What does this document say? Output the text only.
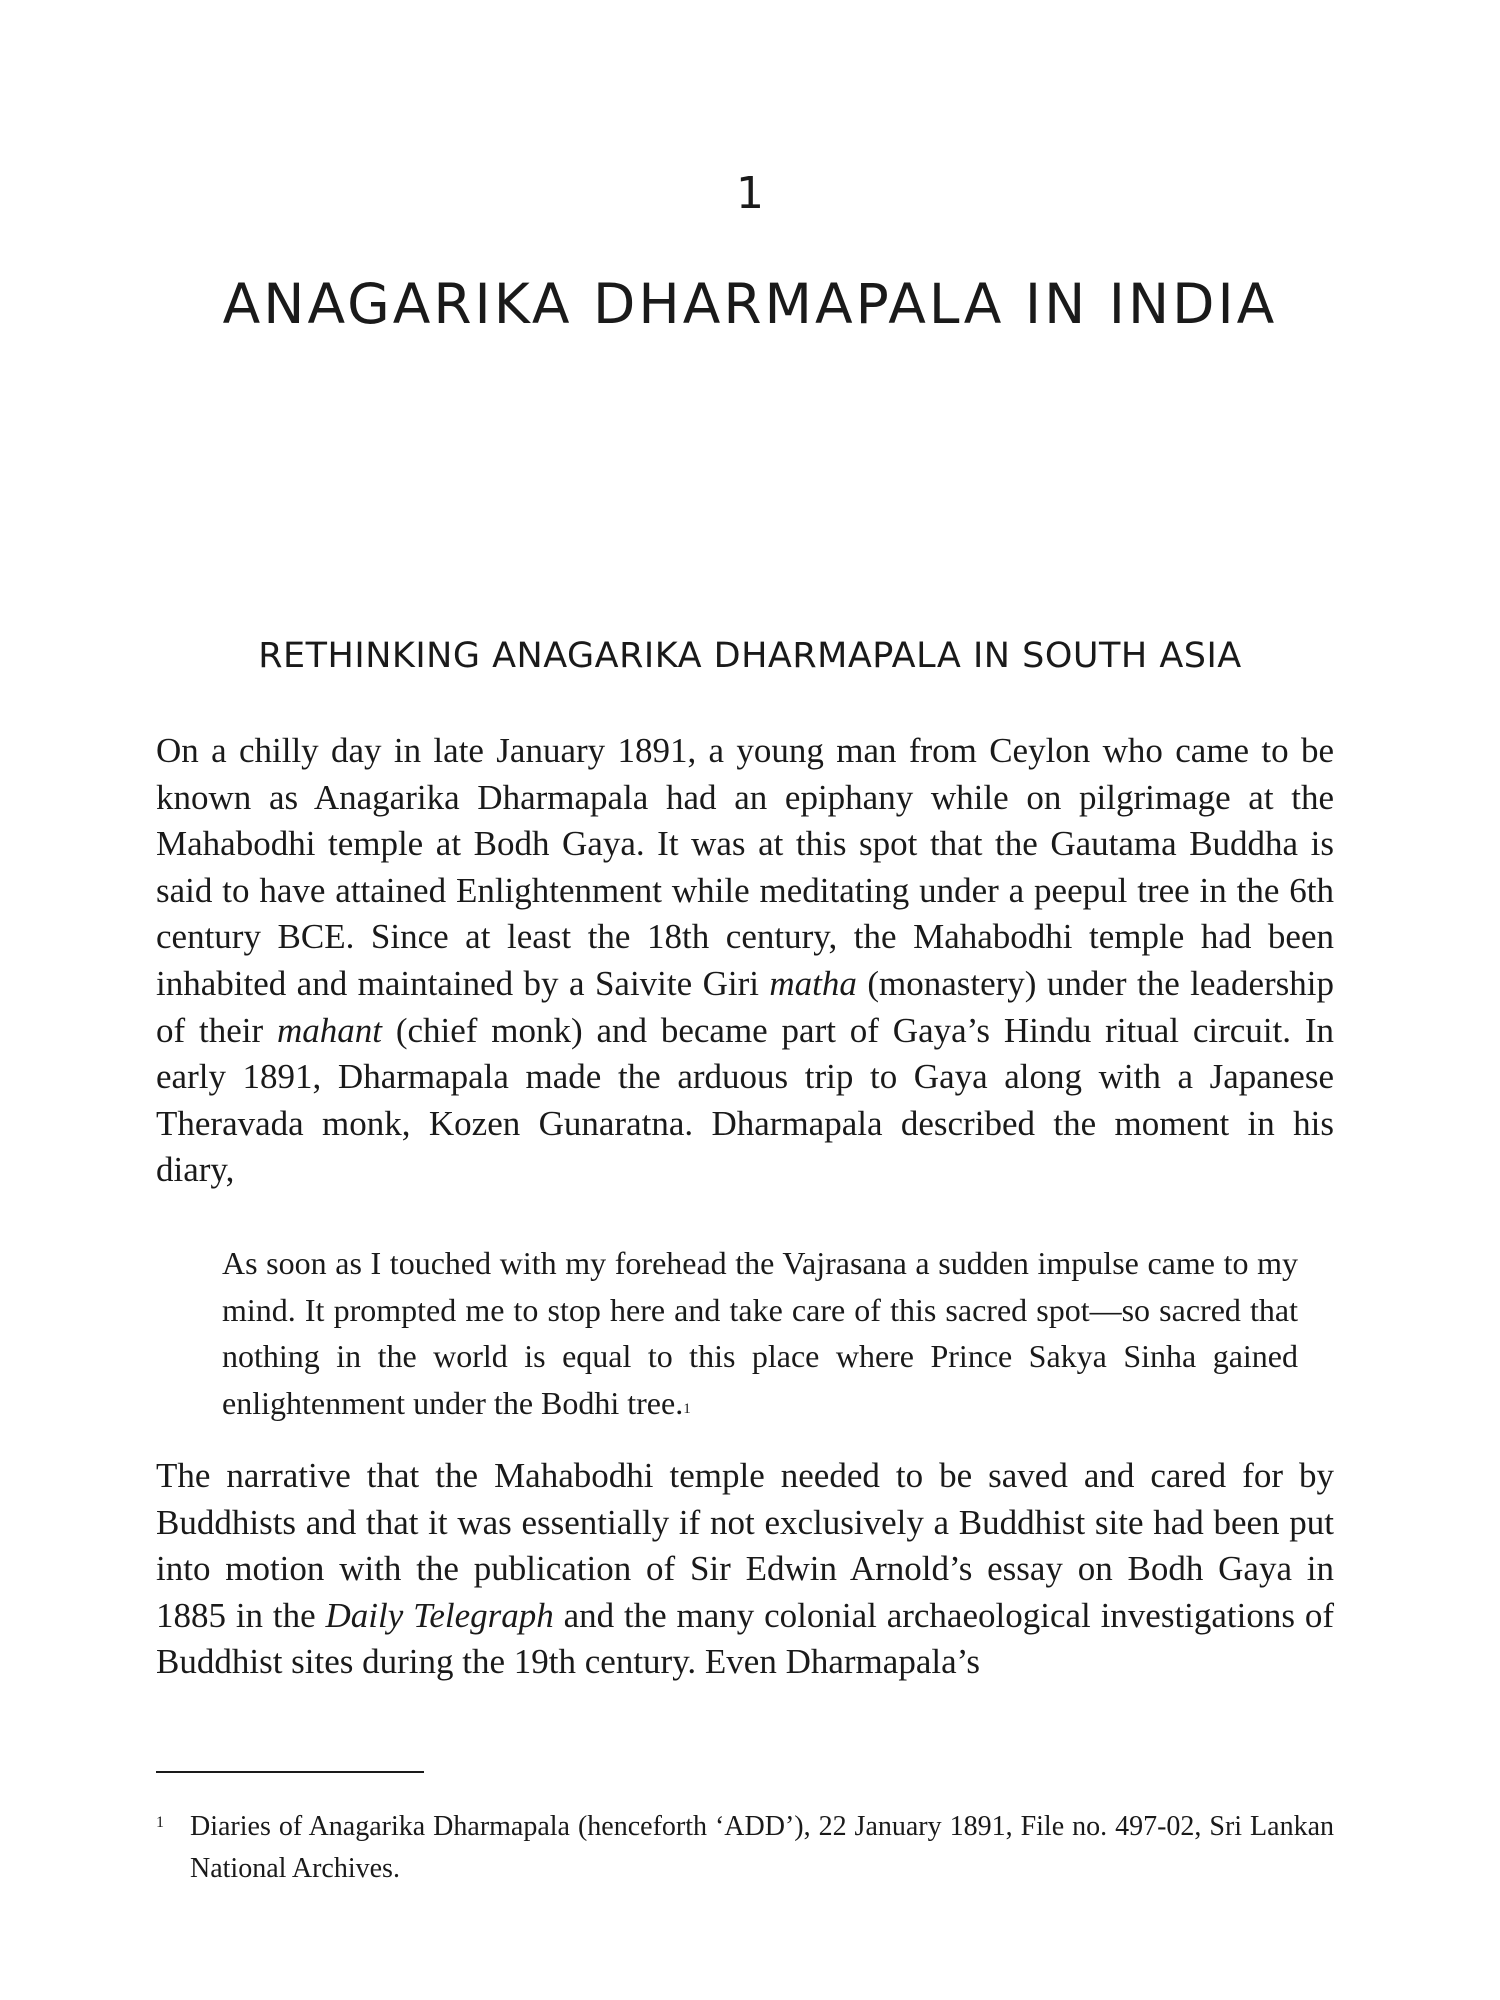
1
ANAGARIKA DHARMAPALA IN INDIA
RETHINKING ANAGARIKA DHARMAPALA IN SOUTH ASIA

On a chilly day in late January 1891, a young man from Ceylon who came to be known as Anagarika Dharmapala had an epiphany while on pilgrimage at the Mahabodhi temple at Bodh Gaya. It was at this spot that the Gautama Buddha is said to have attained Enlightenment while meditating under a peepul tree in the 6th century BCE. Since at least the 18th century, the Mahabodhi temple had been inhabited and maintained by a Saivite Giri matha (monastery) under the leadership of their mahant (chief monk) and became part of Gaya’s Hindu ritual circuit. In early 1891, Dharmapala made the arduous trip to Gaya along with a Japanese Theravada monk, Kozen Gunaratna. Dharmapala described the moment in his diary,

As soon as I touched with my forehead the Vajrasana a sudden impulse came to my mind. It prompted me to stop here and take care of this sacred spot—so sacred that nothing in the world is equal to this place where Prince Sakya Sinha gained enlightenment under the Bodhi tree.$^1$

The narrative that the Mahabodhi temple needed to be saved and cared for by Buddhists and that it was essentially if not exclusively a Buddhist site had been put into motion with the publication of Sir Edwin Arnold’s essay on Bodh Gaya in 1885 in the Daily Telegraph and the many colonial archaeological investigations of Buddhist sites during the 19th century. Even Dharmapala’s

1 Diaries of Anagarika Dharmapala (henceforth ‘ADD’), 22 January 1891, File no. 497-02, Sri Lankan National Archives.
